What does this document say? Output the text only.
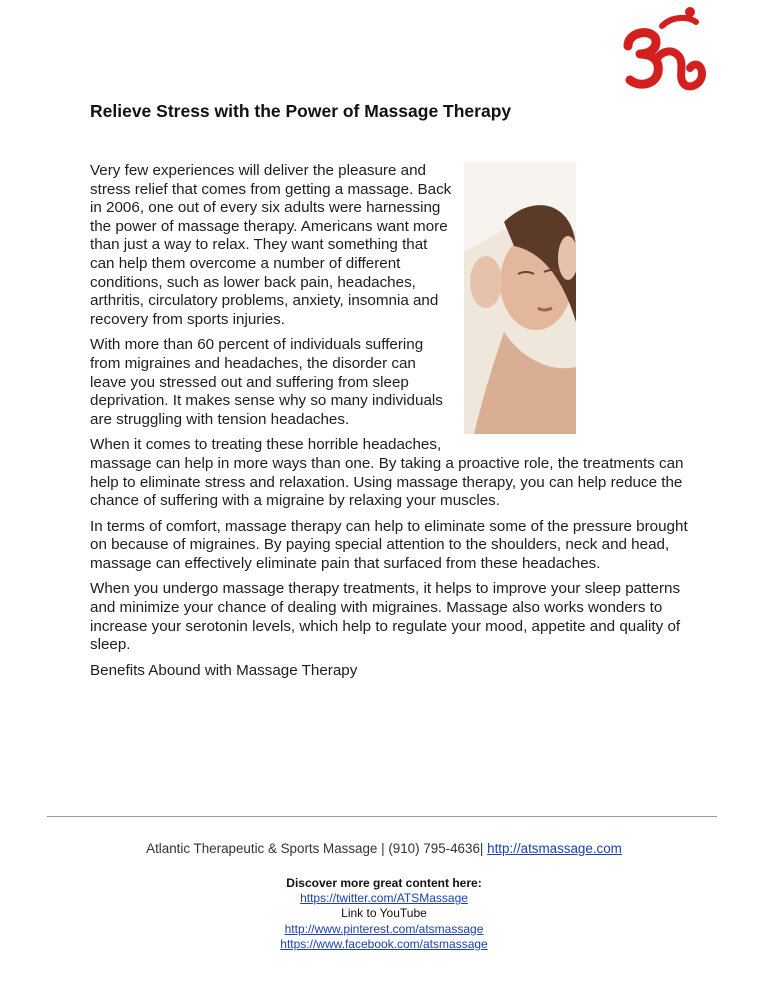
Relieve Stress with the Power of Massage Therapy

Very few experiences will deliver the pleasure and stress relief that comes from getting a massage. Back in 2006, one out of every six adults were harnessing the power of massage therapy. Americans want more than just a way to relax. They want something that can help them overcome a number of different conditions, such as lower back pain, headaches, arthritis, circulatory problems, anxiety, insomnia and recovery from sports injuries.

With more than 60 percent of individuals suffering from migraines and headaches, the disorder can leave you stressed out and suffering from sleep deprivation. It makes sense why so many individuals are struggling with tension headaches.

When it comes to treating these horrible headaches, massage can help in more ways than one. By taking a proactive role, the treatments can help to eliminate stress and relaxation. Using massage therapy, you can help reduce the chance of suffering with a migraine by relaxing your muscles.

In terms of comfort, massage therapy can help to eliminate some of the pressure brought on because of migraines. By paying special attention to the shoulders, neck and head, massage can effectively eliminate pain that surfaced from these headaches.

When you undergo massage therapy treatments, it helps to improve your sleep patterns and minimize your chance of dealing with migraines. Massage also works wonders to increase your serotonin levels, which help to regulate your mood, appetite and quality of sleep.

Benefits Abound with Massage Therapy

Atlantic Therapeutic & Sports Massage | (910) 795-4636| http://atsmassage.com
Discover more great content here:
https://twitter.com/ATSMassage
Link to YouTube
http://www.pinterest.com/atsmassage
https://www.facebook.com/atsmassage
